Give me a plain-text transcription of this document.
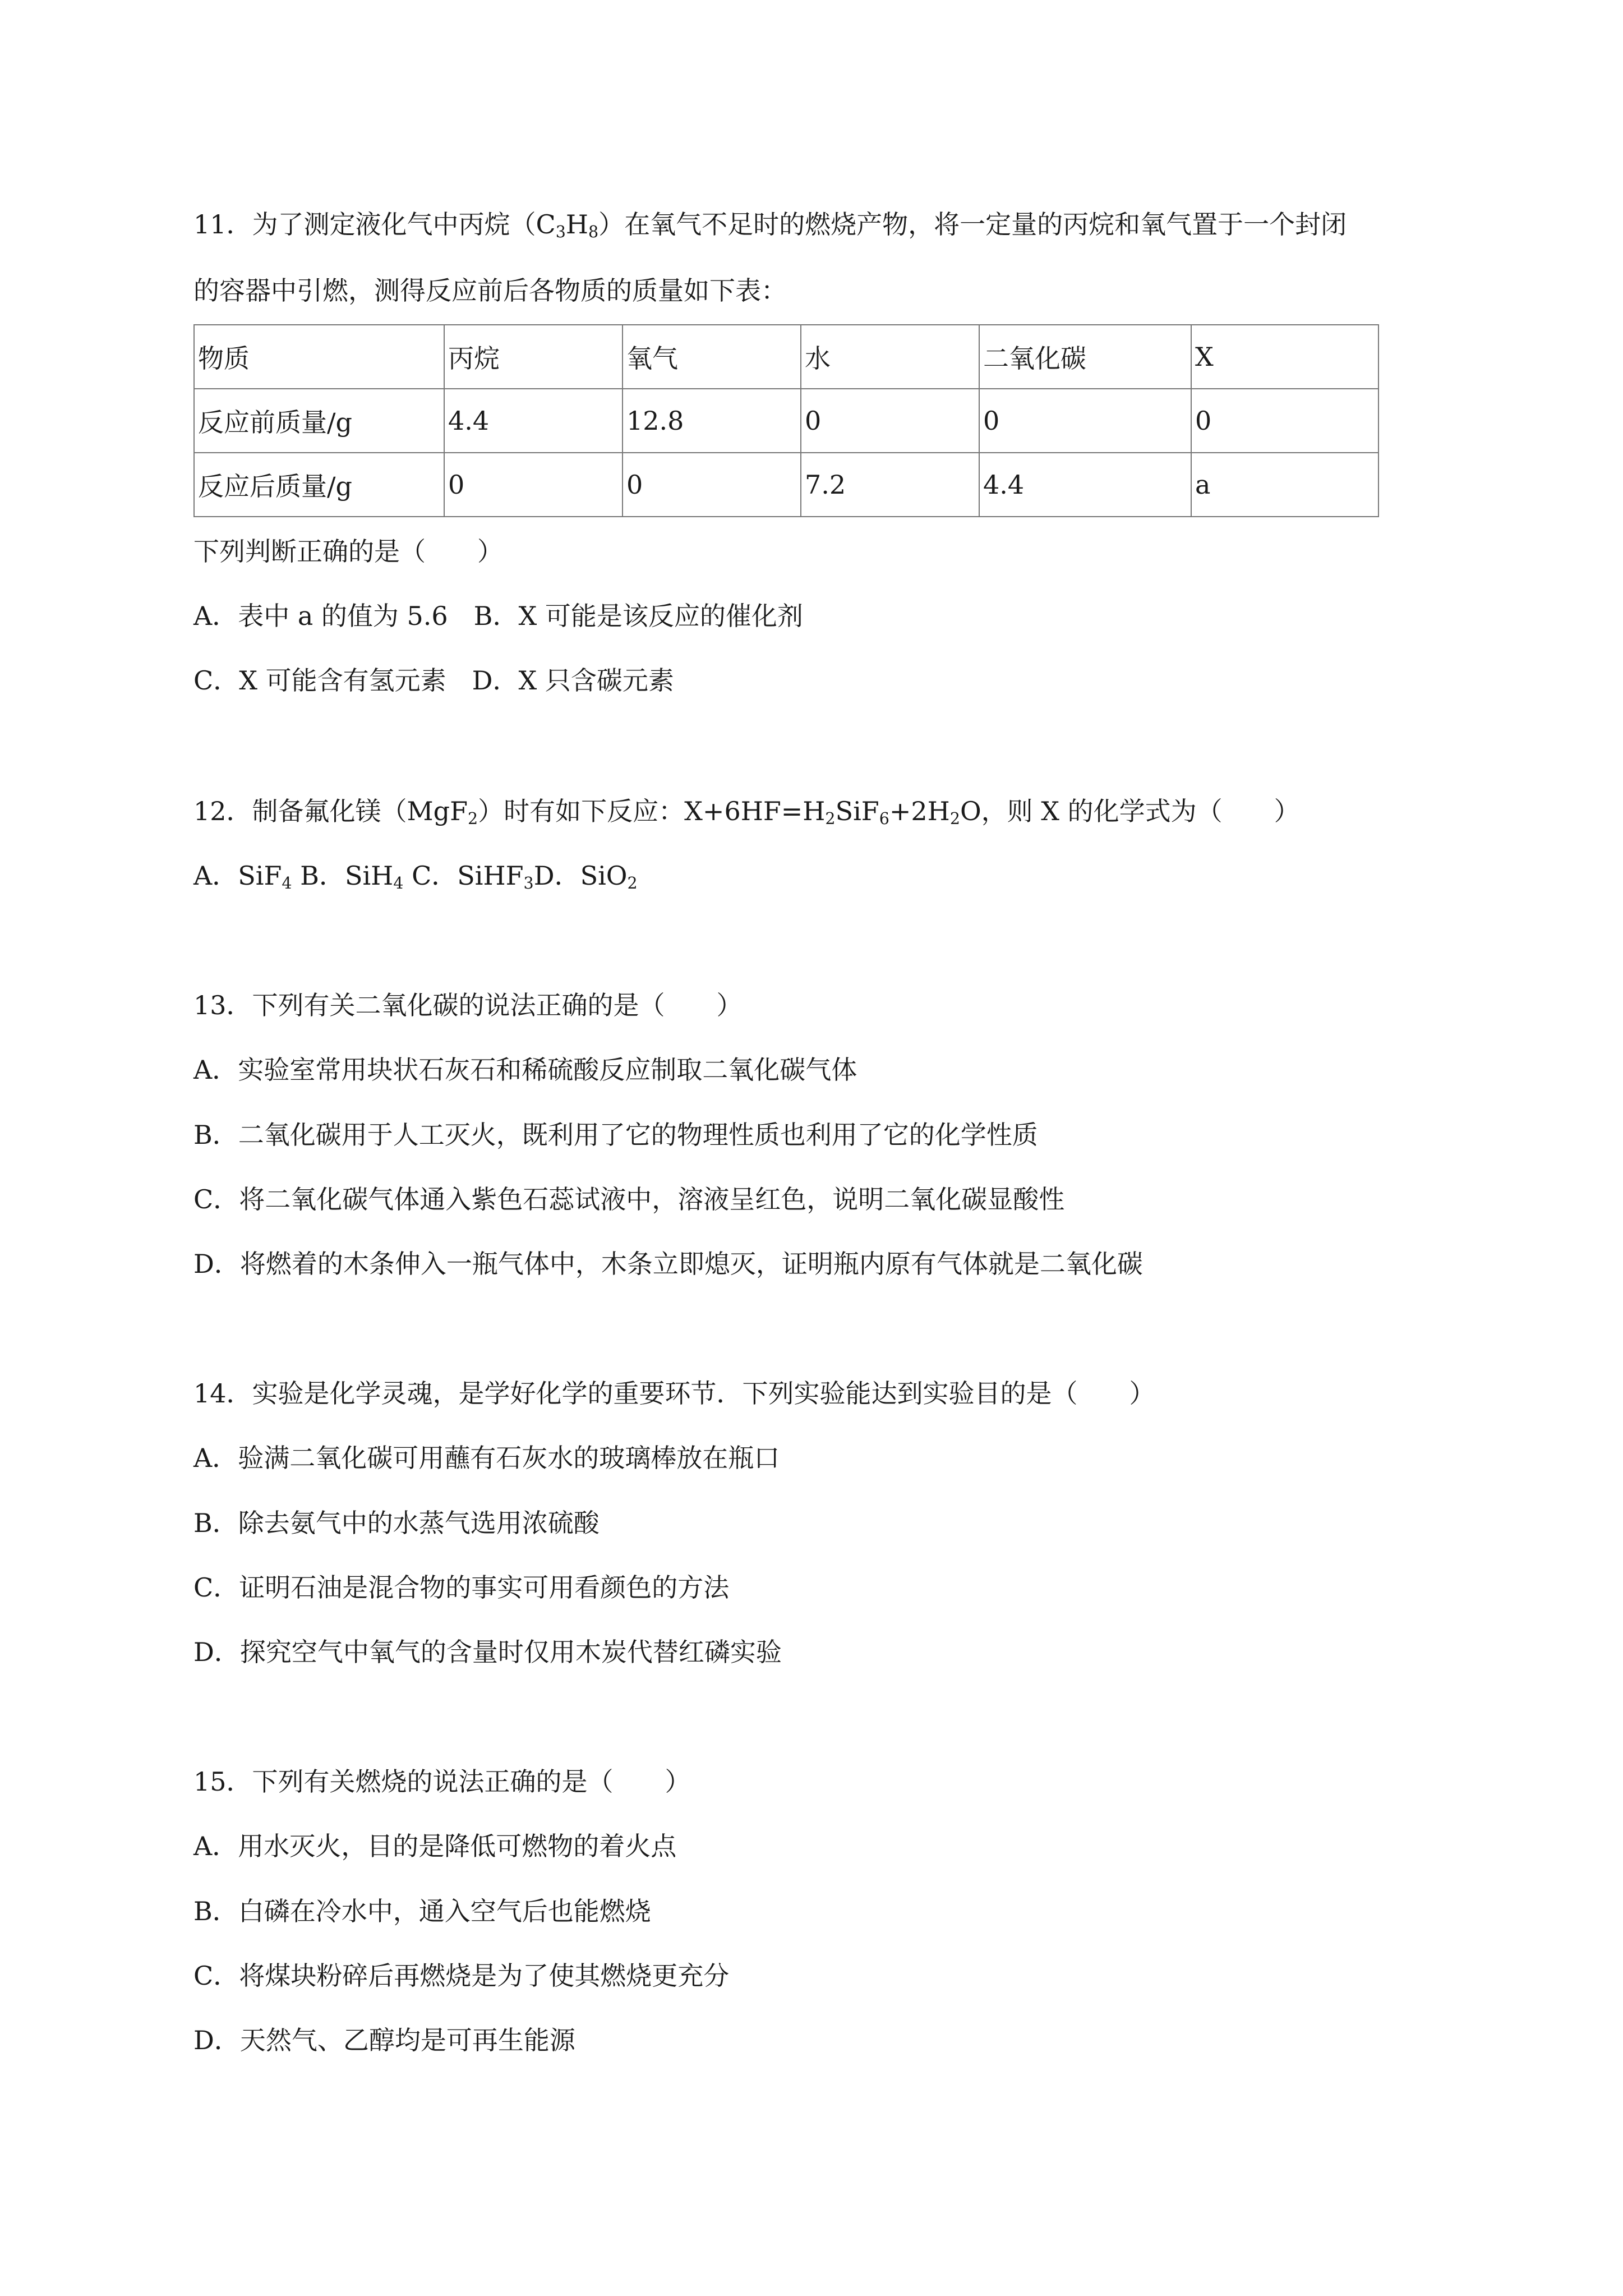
11．为了测定液化气中丙烷$(C_3H_8)$在氧气不足时的燃烧产物，将一定量的丙烷和氧气置于一个封闭
的容器中引燃，测得反应前后各物质的质量如下表：
物质	丙烷	氧气	水	二氧化碳	X
反应前质量/g	4.4	12.8	0	0	0
反应后质量/g	0	0	7.2	4.4	a
下列判断正确的是（　　）
A．表中 a 的值为 5.6　B．X 可能是该反应的催化剂
C．X 可能含有氢元素　D．X 只含碳元素
12．制备氟化镁（MgF$_2$）时有如下反应：$X+6HF=H_2SiF_6+2H_2O$，则 X 的化学式为（　　）
A．SiF$_4$ B．SiH$_4$ C．SiHF$_3$D．SiO$_2$
13．下列有关二氧化碳的说法正确的是（　　）
A．实验室常用块状石灰石和稀硫酸反应制取二氧化碳气体
B．二氧化碳用于人工灭火，既利用了它的物理性质也利用了它的化学性质
C．将二氧化碳气体通入紫色石蕊试液中，溶液呈红色，说明二氧化碳显酸性
D．将燃着的木条伸入一瓶气体中，木条立即熄灭，证明瓶内原有气体就是二氧化碳
14．实验是化学灵魂，是学好化学的重要环节．下列实验能达到实验目的是（　　）
A．验满二氧化碳可用蘸有石灰水的玻璃棒放在瓶口
B．除去氨气中的水蒸气选用浓硫酸
C．证明石油是混合物的事实可用看颜色的方法
D．探究空气中氧气的含量时仅用木炭代替红磷实验
15．下列有关燃烧的说法正确的是（　　）
A．用水灭火，目的是降低可燃物的着火点
B．白磷在冷水中，通入空气后也能燃烧
C．将煤块粉碎后再燃烧是为了使其燃烧更充分
D．天然气、乙醇均是可再生能源
